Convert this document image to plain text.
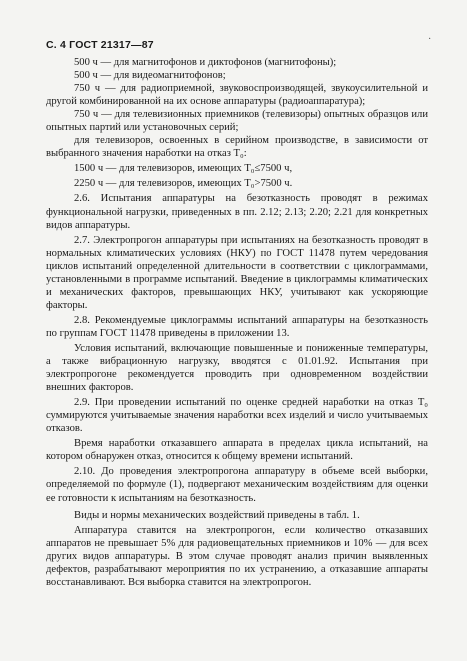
С. 4 ГОСТ 21317—87	·

500 ч — для магнитофонов и диктофонов (магнитофоны);

500 ч — для видеомагнитофонов;

750 ч — для радиоприемной, звуковоспроизводящей, звукоусилительной и другой комбинированной на их основе аппаратуры (радиоаппаратура);

750 ч — для телевизионных приемников (телевизоры) опытных образцов или опытных партий или установочных серий;

для телевизоров, освоенных в серийном производстве, в зависимости от выбранного значения наработки на отказ T₀:

1500 ч — для телевизоров, имеющих T₀≤7500 ч,

2250 ч — для телевизоров, имеющих T₀>7500 ч.

2.6. Испытания аппаратуры на безотказность проводят в режимах функциональной нагрузки, приведенных в пп. 2.12; 2.13; 2.20; 2.21 для конкретных видов аппаратуры.

2.7. Электропрогон аппаратуры при испытаниях на безотказность проводят в нормальных климатических условиях (НКУ) по ГОСТ 11478 путем чередования циклов испытаний определенной длительности в соответствии с циклограммами, установленными в программе испытаний. Введение в циклограммы климатических и механических факторов, превышающих НКУ, учитывают как ускоряющие факторы.

2.8. Рекомендуемые циклограммы испытаний аппаратуры на безотказность по группам ГОСТ 11478 приведены в приложении 13.

Условия испытаний, включающие повышенные и пониженные температуры, а также вибрационную нагрузку, вводятся с 01.01.92. Испытания при электропрогоне рекомендуется проводить при одновременном воздействии внешних факторов.

2.9. При проведении испытаний по оценке средней наработки на отказ T₀ суммируются учитываемые значения наработки всех изделий и число учитываемых отказов.

Время наработки отказавшего аппарата в пределах цикла испытаний, на котором обнаружен отказ, относится к общему времени испытаний.

2.10. До проведения электропрогона аппаратуру в объеме всей выборки, определяемой по формуле (1), подвергают механическим воздействиям для оценки ее готовности к испытаниям на безотказность.

Виды и нормы механических воздействий приведены в табл. 1.

Аппаратура ставится на электропрогон, если количество отказавших аппаратов не превышает 5% для радиовещательных приемников и 10% — для всех других видов аппаратуры. В этом случае проводят анализ причин выявленных дефектов, разрабатывают мероприятия по их устранению, а отказавшие аппараты восстанавливают. Вся выборка ставится на электропрогон.
